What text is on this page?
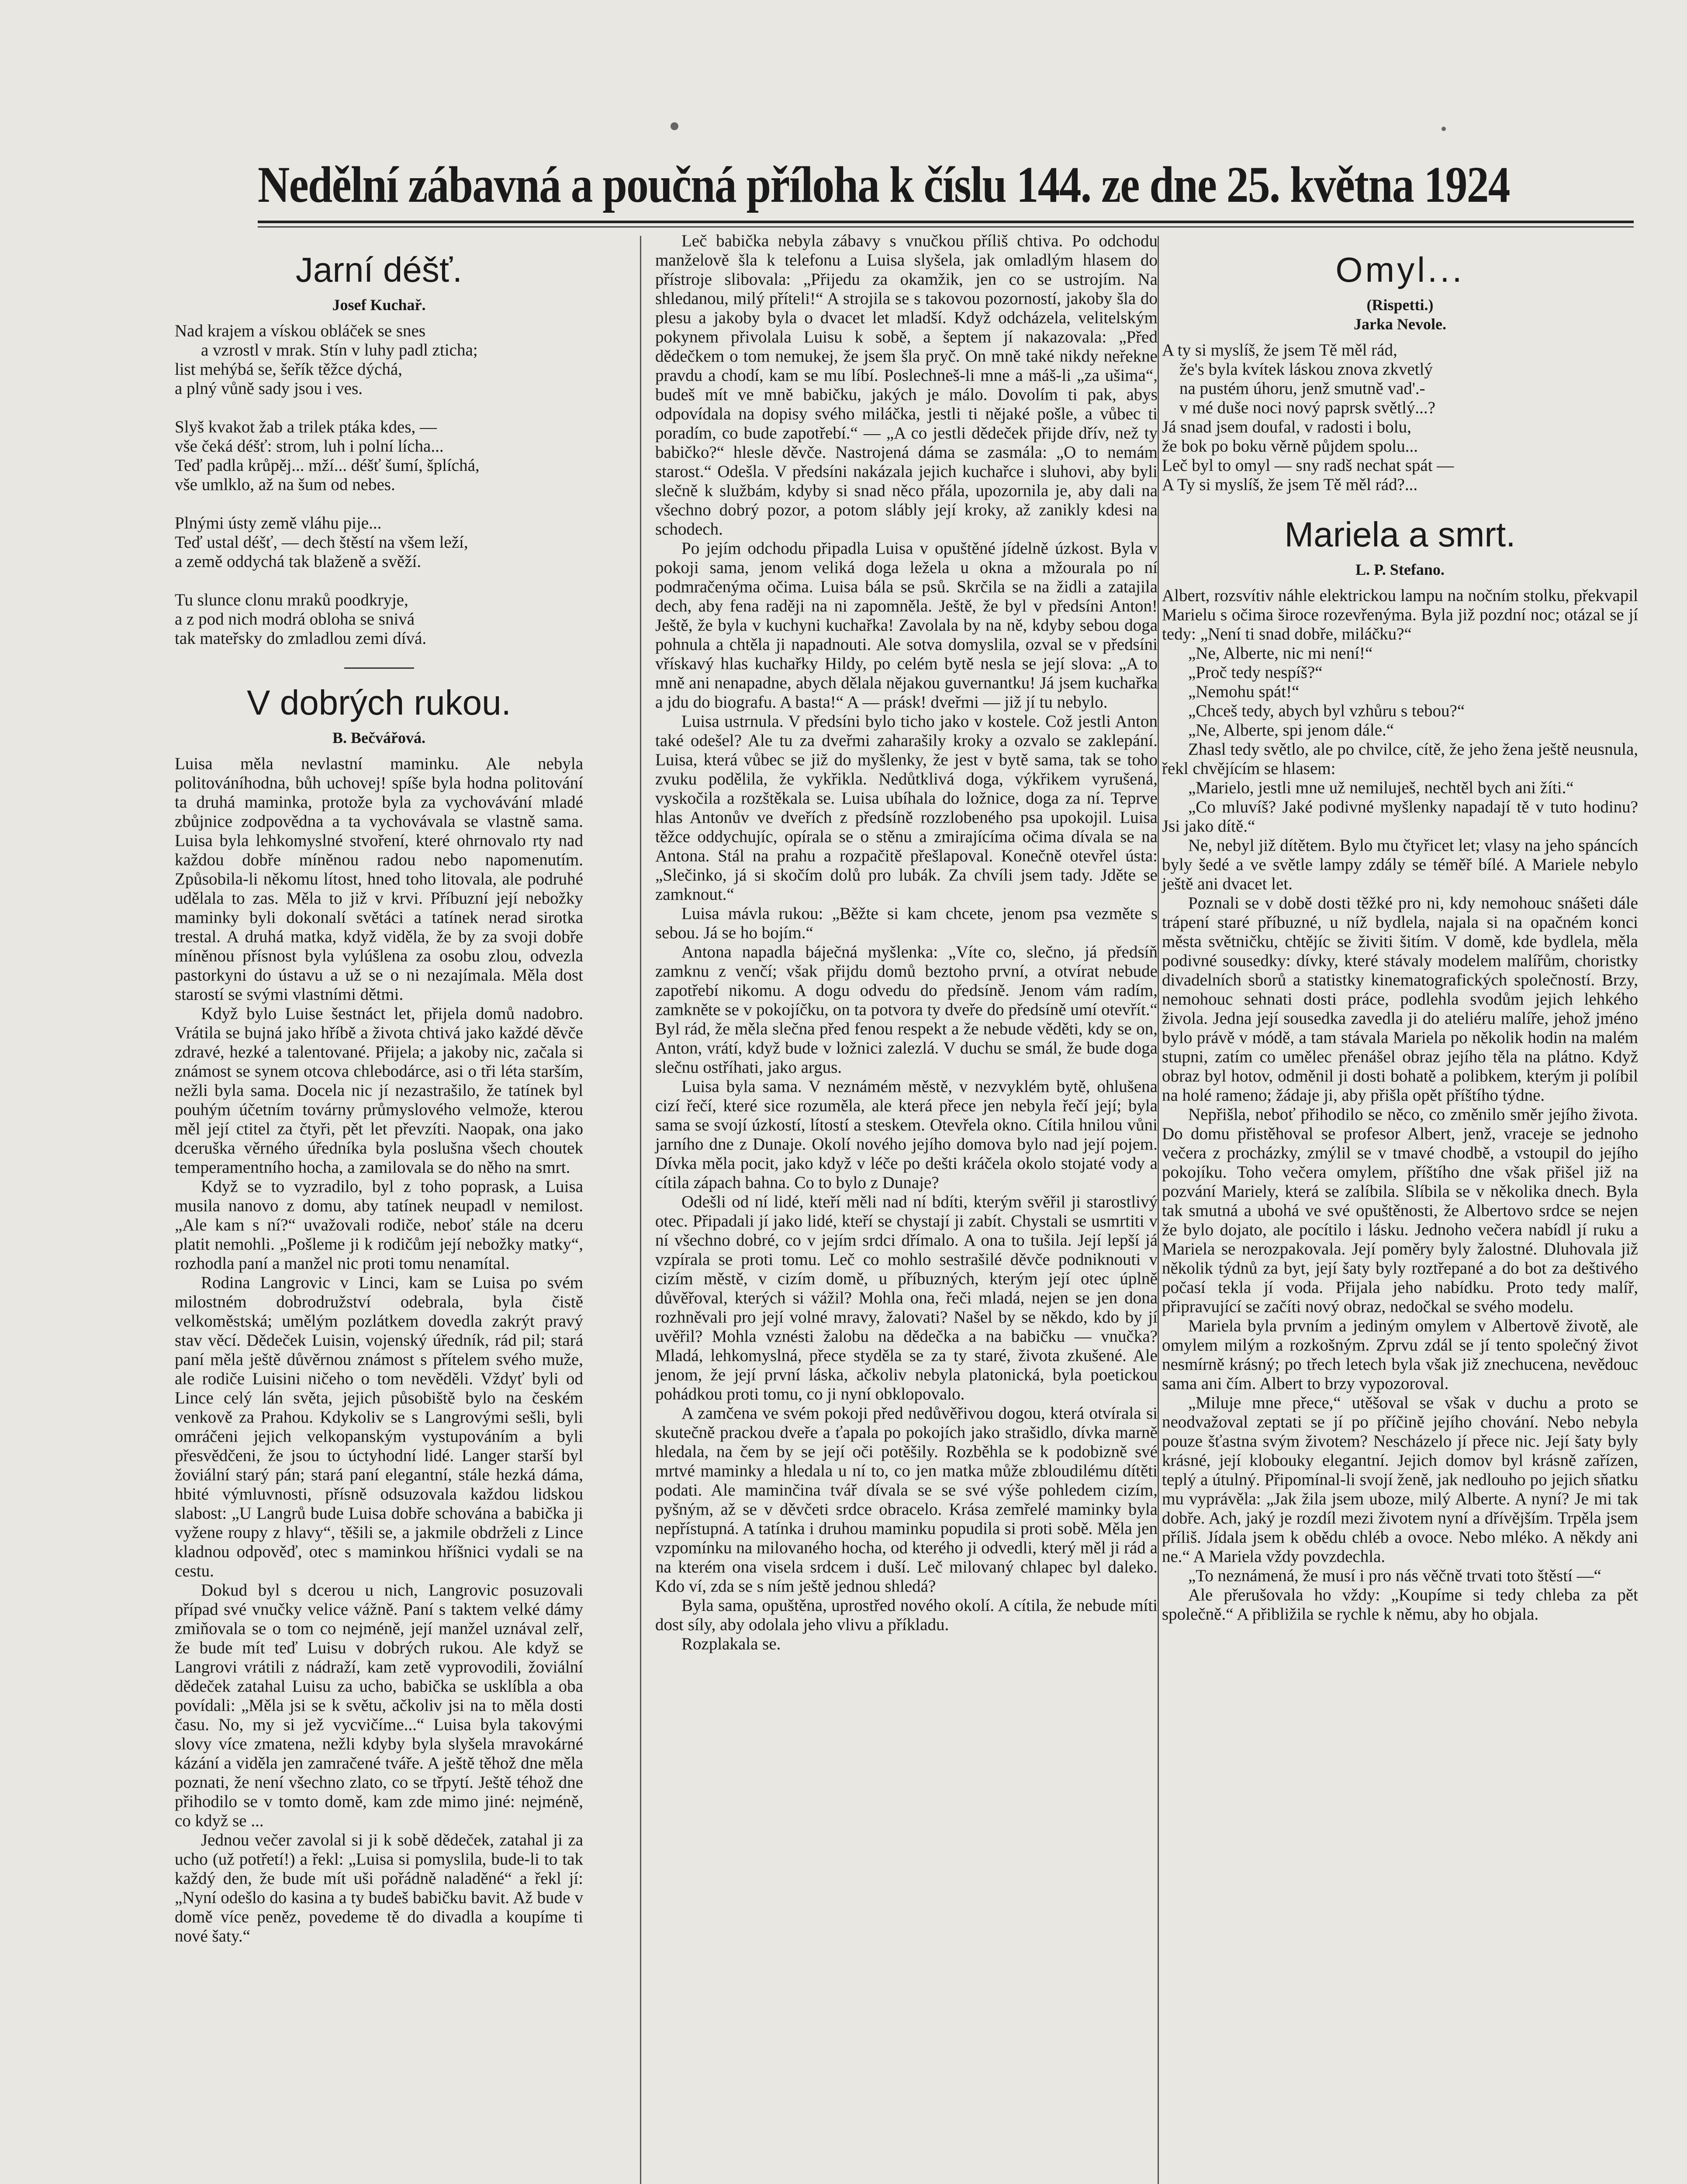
Nedělní zábavná a poučná příloha k číslu 144. ze dne 25. května 1924
Jarní déšť.
Josef Kuchař.

Nad krajem a vískou obláček se snes

a vzrostl v mrak. Stín v luhy padl zticha;

list mehýbá se, šeřík těžce dýchá,

a plný vůně sady jsou i ves.

Slyš kvakot žab a trilek ptáka kdes, —

vše čeká déšť: strom, luh i polní lícha...

Teď padla krůpěj... mží... déšť šumí, šplíchá,

vše umlklo, až na šum od nebes.

Plnými ústy země vláhu pije...

Teď ustal déšť, — dech štěstí na všem leží,

a země oddychá tak blaženě a svěží.

Tu slunce clonu mraků poodkryje,

a z pod nich modrá obloha se snivá

tak mateřsky do zmladlou zemi dívá.

V dobrých rukou.
B. Bečvářová.

Luisa měla nevlastní maminku. Ale nebyla politováníhodna, bůh uchovej! spíše byla hodna politování ta druhá maminka, protože byla za vychovávání mladé zbůjnice zodpovědna a ta vychovávala se vlastně sama. Luisa byla lehkomyslné stvoření, které ohrnovalo rty nad každou dobře míněnou radou nebo napomenutím. Způsobila-li někomu lítost, hned toho litovala, ale podruhé udělala to zas. Měla to již v krvi. Příbuzní její nebožky maminky byli dokonalí světáci a tatínek nerad sirotka trestal. A druhá matka, když viděla, že by za svoji dobře míněnou přísnost byla vylúšlena za osobu zlou, odvezla pastorkyni do ústavu a už se o ni nezajímala. Měla dost starostí se svými vlastními dětmi.

Když bylo Luise šestnáct let, přijela domů nadobro. Vrátila se bujná jako hříbě a života chtivá jako každé děvče zdravé, hezké a talentované. Přijela; a jakoby nic, začala si známost se synem otcova chlebodárce, asi o tři léta starším, nežli byla sama. Docela nic jí nezastrašilo, že tatínek byl pouhým účetním továrny průmyslového velmože, kterou měl její ctitel za čtyři, pět let převzíti. Naopak, ona jako dceruška věrného úředníka byla poslušna všech choutek temperamentního hocha, a zamilovala se do něho na smrt.

Když se to vyzradilo, byl z toho poprask, a Luisa musila nanovo z domu, aby tatínek neupadl v nemilost. „Ale kam s ní?“ uvažovali rodiče, neboť stále na dceru platit nemohli. „Pošleme ji k rodičům její nebožky matky“, rozhodla paní a manžel nic proti tomu nenamítal.

Rodina Langrovic v Linci, kam se Luisa po svém milostném dobrodružství odebrala, byla čistě velkoměstská; umělým pozlátkem dovedla zakrýt pravý stav věcí. Dědeček Luisin, vojenský úředník, rád pil; stará paní měla ještě důvěrnou známost s přítelem svého muže, ale rodiče Luisini ničeho o tom nevěděli. Vždyť byli od Lince celý lán světa, jejich působiště bylo na českém venkově za Prahou. Kdykoliv se s Langrovými sešli, byli omráčeni jejich velkopanským vystupováním a byli přesvědčeni, že jsou to úctyhodní lidé. Langer starší byl žoviální starý pán; stará paní elegantní, stále hezká dáma, hbité výmluvnosti, přísně odsuzovala každou lidskou slabost: „U Langrů bude Luisa dobře schována a babička ji vyžene roupy z hlavy“, těšili se, a jakmile obdrželi z Lince kladnou odpověď, otec s maminkou hříšnici vydali se na cestu.

Dokud byl s dcerou u nich, Langrovic posuzovali případ své vnučky velice vážně. Paní s taktem velké dámy zmiňovala se o tom co nejméně, její manžel uznával zelř, že bude mít teď Luisu v dobrých rukou. Ale když se Langrovi vrátili z nádraží, kam zetě vyprovodili, žoviální dědeček zatahal Luisu za ucho, babička se usklíbla a oba povídali: „Měla jsi se k světu, ačkoliv jsi na to měla dosti času. No, my si jež vycvičíme...“ Luisa byla takovými slovy více zmatena, nežli kdyby byla slyšela mravokárné kázání a viděla jen zamračené tváře. A ještě těhož dne měla poznati, že není všechno zlato, co se třpytí. Ještě téhož dne přihodilo se v tomto domě, kam zde mimo jiné: nejméně, co když se ...

Jednou večer zavolal si ji k sobě dědeček, zatahal ji za ucho (už potřetí!) a řekl: „Luisa si pomyslila, bude-li to tak každý den, že bude mít uši pořádně naladěné“ a řekl jí: „Nyní odešlo do kasina a ty budeš babičku bavit. Až bude v domě více peněz, povedeme tě do divadla a koupíme ti nové šaty.“

Leč babička nebyla zábavy s vnučkou příliš chtiva. Po odchodu manželově šla k telefonu a Luisa slyšela, jak omladlým hlasem do přístroje slibovala: „Přijedu za okamžik, jen co se ustrojím. Na shledanou, milý příteli!“ A strojila se s takovou pozorností, jakoby šla do plesu a jakoby byla o dvacet let mladší. Když odcházela, velitelským pokynem přivolala Luisu k sobě, a šeptem jí nakazovala: „Před dědečkem o tom nemukej, že jsem šla pryč. On mně také nikdy neřekne pravdu a chodí, kam se mu líbí. Poslechneš-li mne a máš-li „za ušima“, budeš mít ve mně babičku, jakých je málo. Dovolím ti pak, abys odpovídala na dopisy svého miláčka, jestli ti nějaké pošle, a vůbec ti poradím, co bude zapotřebí.“ — „A co jestli dědeček přijde dřív, než ty babičko?“ hlesle děvče. Nastrojená dáma se zasmála: „O to nemám starost.“ Odešla. V předsíni nakázala jejich kuchařce i sluhovi, aby byli slečně k službám, kdyby si snad něco přála, upozornila je, aby dali na všechno dobrý pozor, a potom slábly její kroky, až zanikly kdesi na schodech.

Po jejím odchodu připadla Luisa v opuštěné jídelně úzkost. Byla v pokoji sama, jenom veliká doga ležela u okna a mžourala po ní podmračenýma očima. Luisa bála se psů. Skrčila se na židli a zatajila dech, aby fena raději na ni zapomněla. Ještě, že byl v předsíni Anton! Ještě, že byla v kuchyni kuchařka! Zavolala by na ně, kdyby sebou doga pohnula a chtěla ji napadnouti. Ale sotva domyslila, ozval se v předsíni vřískavý hlas kuchařky Hildy, po celém bytě nesla se její slova: „A to mně ani nenapadne, abych dělala nějakou guvernantku! Já jsem kuchařka a jdu do biografu. A basta!“ A — prásk! dveřmi — již jí tu nebylo.

Luisa ustrnula. V předsíni bylo ticho jako v kostele. Což jestli Anton také odešel? Ale tu za dveřmi zaharašily kroky a ozvalo se zaklepání. Luisa, která vůbec se již do myšlenky, že jest v bytě sama, tak se toho zvuku podělila, že vykřikla. Nedůtklivá doga, výkřikem vyrušená, vyskočila a rozštěkala se. Luisa ubíhala do ložnice, doga za ní. Teprve hlas Antonův ve dveřích z předsíně rozzlobeného psa upokojil. Luisa těžce oddychujíc, opírala se o stěnu a zmirajícíma očima dívala se na Antona. Stál na prahu a rozpačitě přešlapoval. Konečně otevřel ústa: „Slečinko, já si skočím dolů pro lubák. Za chvíli jsem tady. Jděte se zamknout.“

Luisa mávla rukou: „Běžte si kam chcete, jenom psa vezměte s sebou. Já se ho bojím.“

Antona napadla báječná myšlenka: „Víte co, slečno, já předsíň zamknu z venčí; však přijdu domů beztoho první, a otvírat nebude zapotřebí nikomu. A dogu odvedu do předsíně. Jenom vám radím, zamkněte se v pokojíčku, on ta potvora ty dveře do předsíně umí otevřít.“ Byl rád, že měla slečna před fenou respekt a že nebude věděti, kdy se on, Anton, vrátí, když bude v ložnici zalezlá. V duchu se smál, že bude doga slečnu ostříhati, jako argus.

Luisa byla sama. V neznámém městě, v nezvyklém bytě, ohlušena cizí řečí, které sice rozuměla, ale která přece jen nebyla řečí její; byla sama se svojí úzkostí, lítostí a steskem. Otevřela okno. Cítila hnilou vůni jarního dne z Dunaje. Okolí nového jejího domova bylo nad její pojem. Dívka měla pocit, jako když v léče po dešti kráčela okolo stojaté vody a cítila zápach bahna. Co to bylo z Dunaje?

Odešli od ní lidé, kteří měli nad ní bdíti, kterým svěřil ji starostlivý otec. Připadali jí jako lidé, kteří se chystají ji zabít. Chystali se usmrtiti v ní všechno dobré, co v jejím srdci dřímalo. A ona to tušila. Její lepší já vzpírala se proti tomu. Leč co mohlo sestrašilé děvče podniknouti v cizím městě, v cizím domě, u příbuzných, kterým její otec úplně důvěřoval, kterých si vážil? Mohla ona, řeči mladá, nejen se jen dona rozhněvali pro její volné mravy, žalovati? Našel by se někdo, kdo by jí uvěřil? Mohla vznésti žalobu na dědečka a na babičku — vnučka? Mladá, lehkomyslná, přece styděla se za ty staré, života zkušené. Ale jenom, že její první láska, ačkoliv nebyla platonická, byla poetickou pohádkou proti tomu, co ji nyní obklopovalo.

A zamčena ve svém pokoji před nedůvěřivou dogou, která otvírala si skutečně prackou dveře a ťapala po pokojích jako strašidlo, dívka marně hledala, na čem by se její oči potěšily. Rozběhla se k podobizně své mrtvé maminky a hledala u ní to, co jen matka může zbloudilému dítěti podati. Ale maminčina tvář dívala se se své výše pohledem cizím, pyšným, až se v děvčeti srdce obracelo. Krása zemřelé maminky byla nepřístupná. A tatínka i druhou maminku popudila si proti sobě. Měla jen vzpomínku na milovaného hocha, od kterého ji odvedli, který měl ji rád a na kterém ona visela srdcem i duší. Leč milovaný chlapec byl daleko. Kdo ví, zda se s ním ještě jednou shledá?

Byla sama, opuštěna, uprostřed nového okolí. A cítila, že nebude míti dost síly, aby odolala jeho vlivu a příkladu.

Rozplakala se.

Omyl...
(Rispetti.)
Jarka Nevole.

A ty si myslíš, že jsem Tě měl rád,

že's byla kvítek láskou znova zkvetlý

na pustém úhoru, jenž smutně vad'.-

v mé duše noci nový paprsk světlý...?

Já snad jsem doufal, v radosti i bolu,

že bok po boku věrně půjdem spolu...

Leč byl to omyl — sny radš nechat spát —

A Ty si myslíš, že jsem Tě měl rád?...

Mariela a smrt.
L. P. Stefano.

Albert, rozsvítiv náhle elektrickou lampu na nočním stolku, překvapil Marielu s očima široce rozevřenýma. Byla již pozdní noc; otázal se jí tedy: „Není ti snad dobře, miláčku?“

„Ne, Alberte, nic mi není!“

„Proč tedy nespíš?“

„Nemohu spát!“

„Chceš tedy, abych byl vzhůru s tebou?“

„Ne, Alberte, spi jenom dále.“

Zhasl tedy světlo, ale po chvilce, cítě, že jeho žena ještě neusnula, řekl chvějícím se hlasem:

„Marielo, jestli mne už nemiluješ, nechtěl bych ani žíti.“

„Co mluvíš? Jaké podivné myšlenky napadají tě v tuto hodinu? Jsi jako dítě.“

Ne, nebyl již dítětem. Bylo mu čtyřicet let; vlasy na jeho spáncích byly šedé a ve světle lampy zdály se téměř bílé. A Mariele nebylo ještě ani dvacet let.

Poznali se v době dosti těžké pro ni, kdy nemohouc snášeti dále trápení staré příbuzné, u níž bydlela, najala si na opačném konci města světničku, chtějíc se živiti šitím. V domě, kde bydlela, měla podivné sousedky: dívky, které stávaly modelem malířům, choristky divadelních sborů a statistky kinematografických společností. Brzy, nemohouc sehnati dosti práce, podlehla svodům jejich lehkého živola. Jedna její sousedka zavedla ji do ateliéru malíře, jehož jméno bylo právě v módě, a tam stávala Mariela po několik hodin na malém stupni, zatím co umělec přenášel obraz jejího těla na plátno. Když obraz byl hotov, odměnil ji dosti bohatě a polibkem, kterým ji políbil na holé rameno; žádaje ji, aby přišla opět příštího týdne.

Nepřišla, neboť přihodilo se něco, co změnilo směr jejího života. Do domu přistěhoval se profesor Albert, jenž, vraceje se jednoho večera z procházky, zmýlil se v tmavé chodbě, a vstoupil do jejího pokojíku. Toho večera omylem, příštího dne však přišel již na pozvání Mariely, která se zalíbila. Slíbila se v několika dnech. Byla tak smutná a ubohá ve své opuštěnosti, že Albertovo srdce se nejen že bylo dojato, ale pocítilo i lásku. Jednoho večera nabídl jí ruku a Mariela se nerozpakovala. Její poměry byly žalostné. Dluhovala již několik týdnů za byt, její šaty byly roztřepané a do bot za deštivého počasí tekla jí voda. Přijala jeho nabídku. Proto tedy malíř, připravující se začíti nový obraz, nedočkal se svého modelu.

Mariela byla prvním a jediným omylem v Albertově životě, ale omylem milým a rozkošným. Zprvu zdál se jí tento společný život nesmírně krásný; po třech letech byla však již znechucena, nevědouc sama ani čím. Albert to brzy vypozoroval.

„Miluje mne přece,“ utěšoval se však v duchu a proto se neodvažoval zeptati se jí po příčině jejího chování. Nebo nebyla pouze šťastna svým životem? Nescházelo jí přece nic. Její šaty byly krásné, její klobouky elegantní. Jejich domov byl krásně zařízen, teplý a útulný. Připomínal-li svojí ženě, jak nedlouho po jejich sňatku mu vyprávěla: „Jak žila jsem uboze, milý Alberte. A nyní? Je mi tak dobře. Ach, jaký je rozdíl mezi životem nyní a dřívějším. Trpěla jsem příliš. Jídala jsem k obědu chléb a ovoce. Nebo mléko. A někdy ani ne.“ A Mariela vždy povzdechla.

„To neznámená, že musí i pro nás věčně trvati toto štěstí —“

Ale přerušovala ho vždy: „Koupíme si tedy chleba za pět společně.“ A přibližila se rychle k němu, aby ho objala.
